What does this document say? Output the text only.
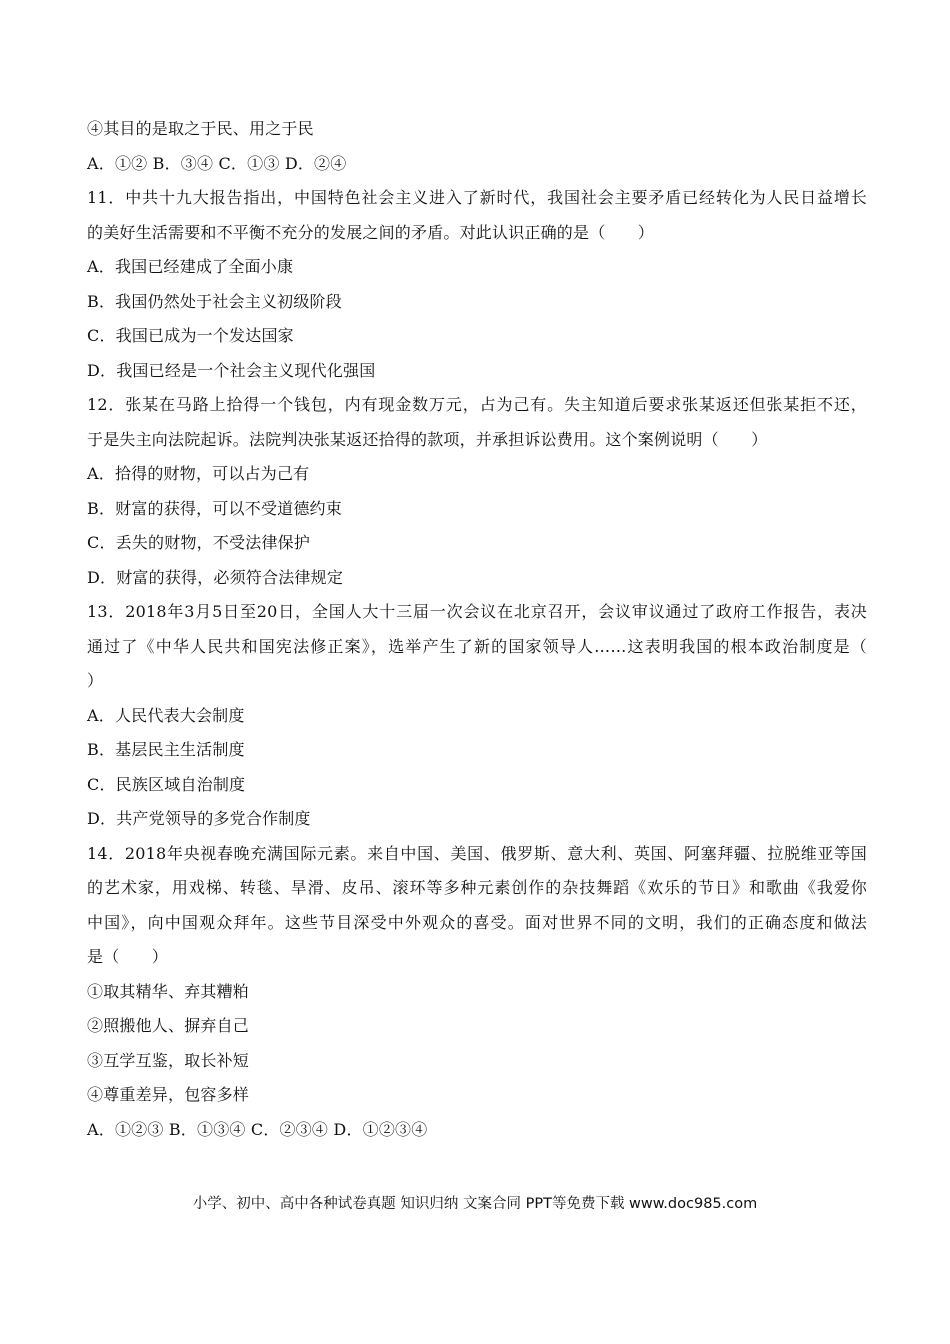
④其目的是取之于民、用之于民
A．①② B．③④ C．①③ D．②④
11．中共十九大报告指出，中国特色社会主义进入了新时代，我国社会主要矛盾已经转化为人民日益增长
的美好生活需要和不平衡不充分的发展之间的矛盾。对此认识正确的是（　　）
A．我国已经建成了全面小康
B．我国仍然处于社会主义初级阶段
C．我国已成为一个发达国家
D．我国已经是一个社会主义现代化强国
12．张某在马路上拾得一个钱包，内有现金数万元，占为己有。失主知道后要求张某返还但张某拒不还，
于是失主向法院起诉。法院判决张某返还拾得的款项，并承担诉讼费用。这个案例说明（　　）
A．拾得的财物，可以占为己有
B．财富的获得，可以不受道德约束
C．丢失的财物，不受法律保护
D．财富的获得，必须符合法律规定
13．2018年3月5日至20日，全国人大十三届一次会议在北京召开，会议审议通过了政府工作报告，表决
通过了《中华人民共和国宪法修正案》，选举产生了新的国家领导人……这表明我国的根本政治制度是（
）
A．人民代表大会制度
B．基层民主生活制度
C．民族区域自治制度
D．共产党领导的多党合作制度
14．2018年央视春晚充满国际元素。来自中国、美国、俄罗斯、意大利、英国、阿塞拜疆、拉脱维亚等国
的艺术家，用戏梯、转毯、旱滑、皮吊、滚环等多种元素创作的杂技舞蹈《欢乐的节日》和歌曲《我爱你
中国》，向中国观众拜年。这些节目深受中外观众的喜受。面对世界不同的文明，我们的正确态度和做法
是（　　）
①取其精华、弃其糟粕
②照搬他人、摒弃自己
③互学互鉴，取长补短
④尊重差异，包容多样
A．①②③ B．①③④ C．②③④ D．①②③④
小学、初中、高中各种试卷真题 知识归纳 文案合同 PPT等免费下载 www.doc985.com
